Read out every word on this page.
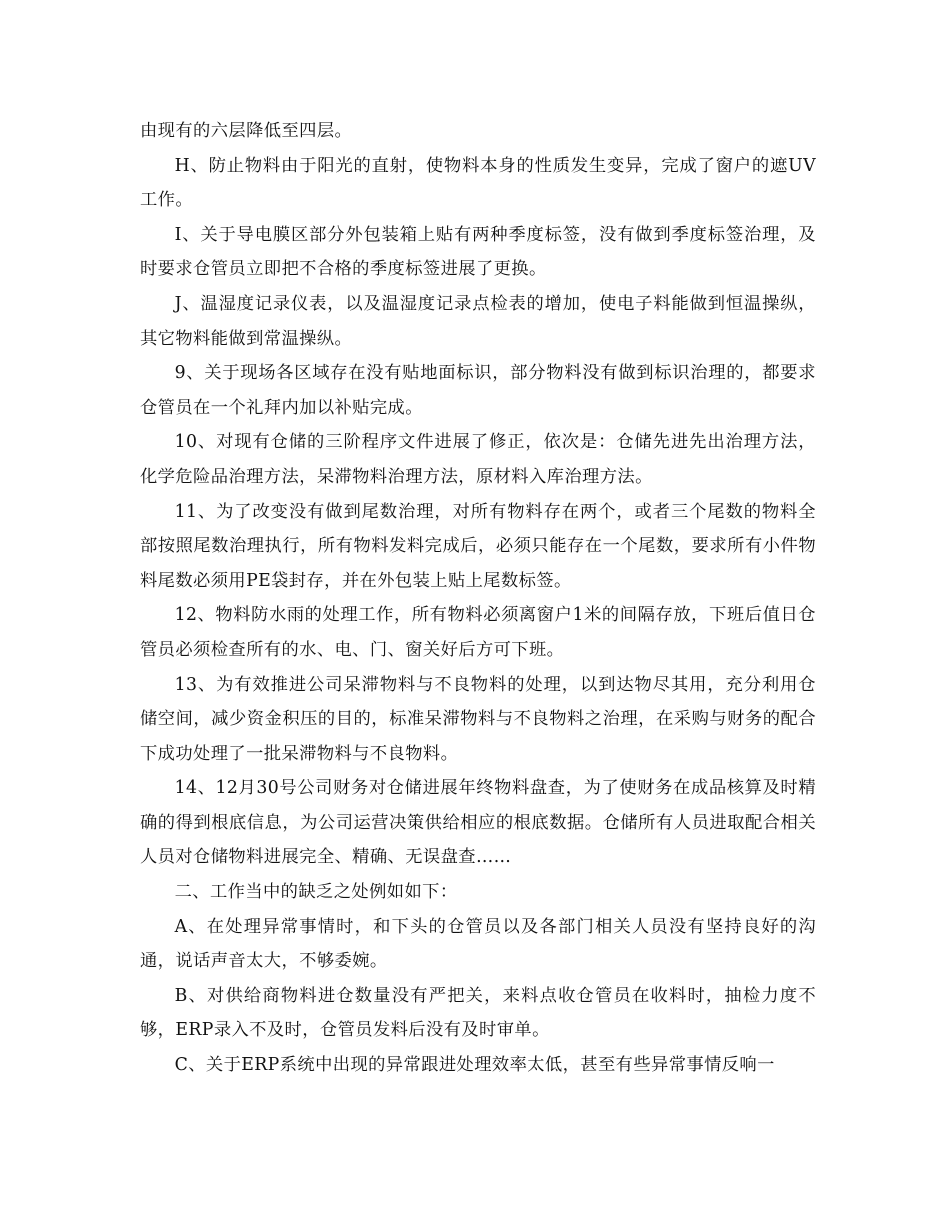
由现有的六层降低至四层。

H、防止物料由于阳光的直射，使物料本身的性质发生变异，完成了窗户的遮UV工作。

I、关于导电膜区部分外包装箱上贴有两种季度标签，没有做到季度标签治理，及时要求仓管员立即把不合格的季度标签进展了更换。

J、温湿度记录仪表，以及温湿度记录点检表的增加，使电子料能做到恒温操纵，其它物料能做到常温操纵。

9、关于现场各区域存在没有贴地面标识，部分物料没有做到标识治理的，都要求仓管员在一个礼拜内加以补贴完成。

10、对现有仓储的三阶程序文件进展了修正，依次是：仓储先进先出治理方法，化学危险品治理方法，呆滞物料治理方法，原材料入库治理方法。

11、为了改变没有做到尾数治理，对所有物料存在两个，或者三个尾数的物料全部按照尾数治理执行，所有物料发料完成后，必须只能存在一个尾数，要求所有小件物料尾数必须用PE袋封存，并在外包装上贴上尾数标签。

12、物料防水雨的处理工作，所有物料必须离窗户1米的间隔存放，下班后值日仓管员必须检查所有的水、电、门、窗关好后方可下班。

13、为有效推进公司呆滞物料与不良物料的处理，以到达物尽其用，充分利用仓储空间，减少资金积压的目的，标准呆滞物料与不良物料之治理，在采购与财务的配合下成功处理了一批呆滞物料与不良物料。

14、12月30号公司财务对仓储进展年终物料盘查，为了使财务在成品核算及时精确的得到根底信息，为公司运营决策供给相应的根底数据。仓储所有人员进取配合相关人员对仓储物料进展完全、精确、无误盘查……

二、工作当中的缺乏之处例如如下：

A、在处理异常事情时，和下头的仓管员以及各部门相关人员没有坚持良好的沟通，说话声音太大，不够委婉。

B、对供给商物料进仓数量没有严把关，来料点收仓管员在收料时，抽检力度不够，ERP录入不及时，仓管员发料后没有及时审单。

C、关于ERP系统中出现的异常跟进处理效率太低，甚至有些异常事情反响一
